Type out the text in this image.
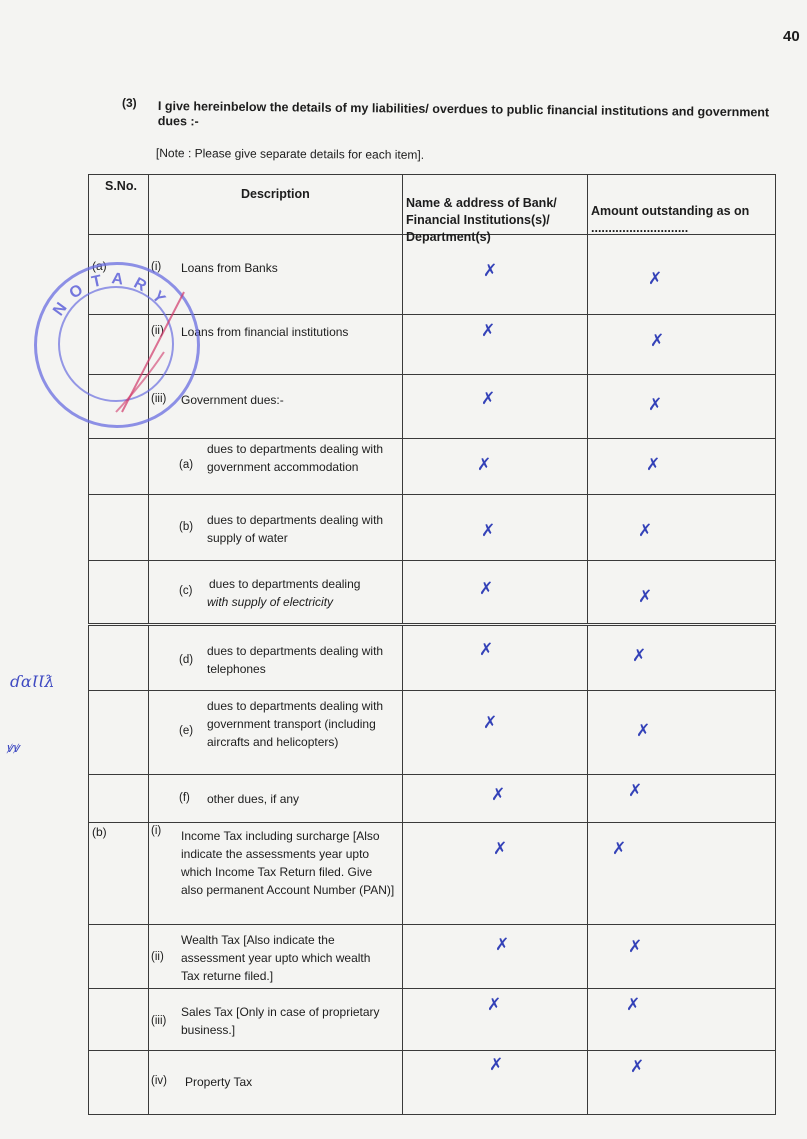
40
(3) I give hereinbelow the details of my liabilities/ overdues to public financial institutions and government dues :-
[Note : Please give separate details for each item].
S.No.	Description	Name & address of Bank/ Financial Institutions(s)/ Department(s)	Amount outstanding as on ............................

(a)	(i) Loans from Banks	✗	✗

	(ii) Loans from financial institutions	✗	✗

	(iii) Government dues:-	✗	✗

	(a)
dues to departments dealing with government accommodation	✗	✗

	(b) dues to departments dealing with supply of water	✗	✗

	(c) dues to departments dealing
with supply of electricity	✗	✗

	(d)
dues to departments dealing with telephones	✗	✗

	(e)
dues to departments dealing with government transport (including aircrafts and helicopters)	✗	✗

	(f) other dues, if any	✗	✗

(b)	(i) Income Tax including surcharge [Also indicate the assessments year upto which Income Tax Return filed. Give also permanent Account Number (PAN)]	✗	✗

	(ii)
Wealth Tax [Also indicate the assessment year upto which wealth Tax returne filed.]	✗	✗

	(iii)
Sales Tax [Only in case of proprietary business.]	✗	✗

	(iv) Property Tax	✗	✗
NOTARY
ɗɑƖƖƛ
ꝟꝟ
